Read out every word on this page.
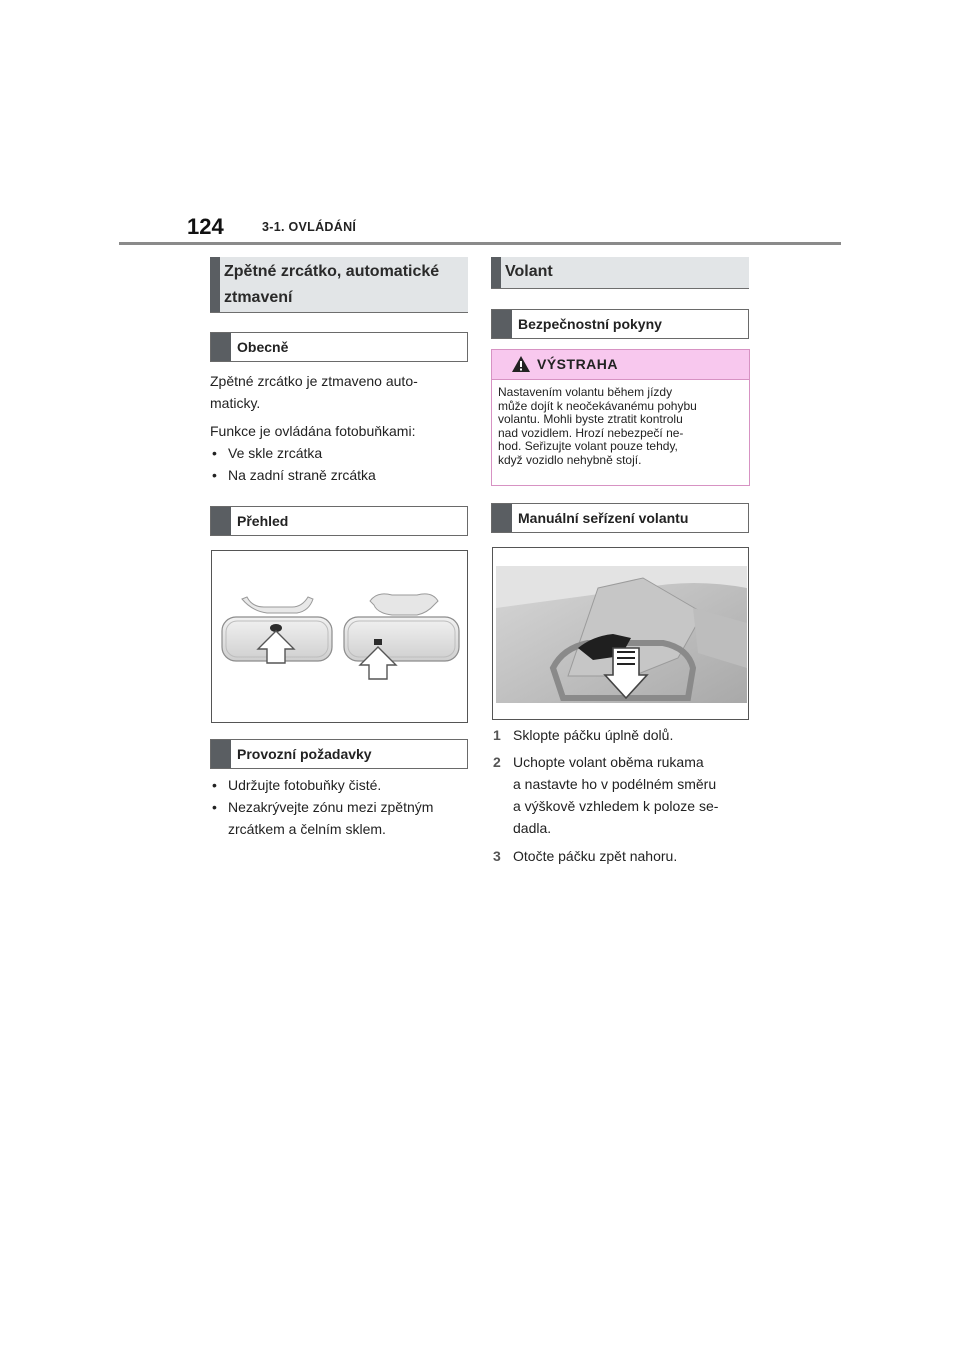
124	3-1. OVLÁDÁNÍ
Zpětné zrcátko, automatické
ztmavení
Obecně
Zpětné zrcátko je ztmaveno auto-
maticky.
Funkce je ovládána fotobuňkami:
• Ve skle zrcátka
• Na zadní straně zrcátka
Přehled
Provozní požadavky
• Udržujte fotobuňky čisté.
• Nezakrývejte zónu mezi zpětným
zrcátkem a čelním sklem.
Volant
Bezpečnostní pokyny
VÝSTRAHA
Nastavením volantu během jízdy
může dojít k neočekávanému pohybu
volantu. Mohli byste ztratit kontrolu
nad vozidlem. Hrozí nebezpečí ne-
hod. Seřizujte volant pouze tehdy,
když vozidlo nehybně stojí.
Manuální seřízení volantu
1 Sklopte páčku úplně dolů.
2 Uchopte volant oběma rukama
a nastavte ho v podélném směru
a výškově vzhledem k poloze se-
dadla.
3 Otočte páčku zpět nahoru.
